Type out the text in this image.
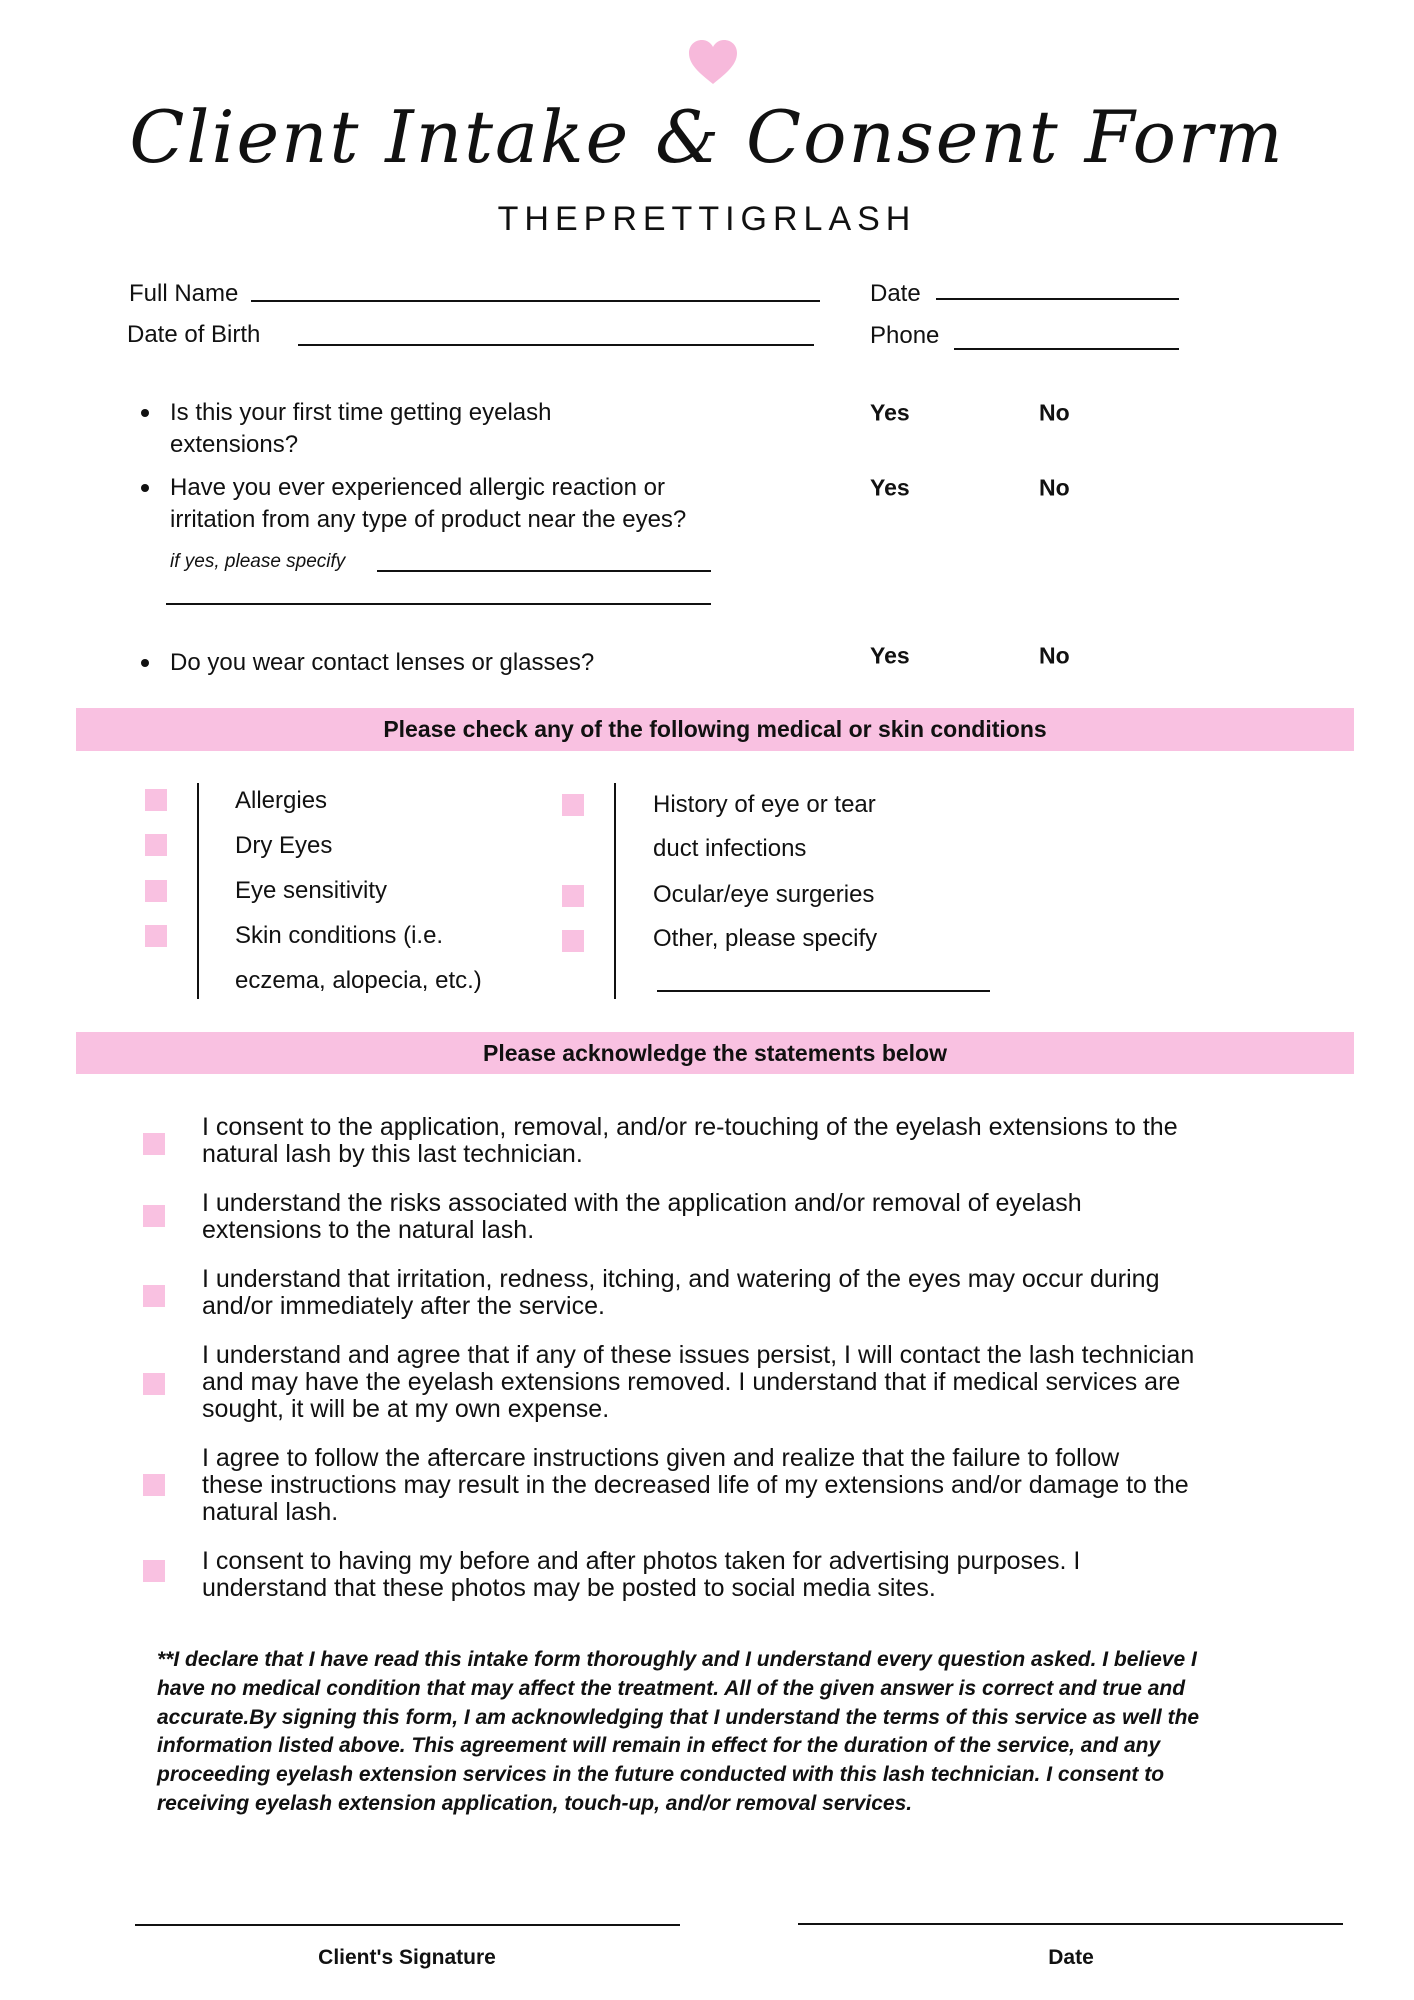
Client Intake & Consent Form
THEPRETTIGRLASH
Full Name	Date
Date of Birth	Phone
Is this your first time getting eyelash
extensions?
Yes	No
Have you ever experienced allergic reaction or
irritation from any type of product near the eyes?
Yes	No
if yes, please specify
Do you wear contact lenses or glasses?	Yes	No
Please check any of the following medical or skin conditions
Allergies
Dry Eyes
Eye sensitivity
Skin conditions (i.e.
eczema, alopecia, etc.)
History of eye or tear
duct infections
Ocular/eye surgeries
Other, please specify
Please acknowledge the statements below
I consent to the application, removal, and/or re-touching of the eyelash extensions to the
natural lash by this last technician.
I understand the risks associated with the application and/or removal of eyelash
extensions to the natural lash.
I understand that irritation, redness, itching, and watering of the eyes may occur during
and/or immediately after the service.
I understand and agree that if any of these issues persist, I will contact the lash technician
and may have the eyelash extensions removed. I understand that if medical services are
sought, it will be at my own expense.
I agree to follow the aftercare instructions given and realize that the failure to follow
these instructions may result in the decreased life of my extensions and/or damage to the
natural lash.
I consent to having my before and after photos taken for advertising purposes. I
understand that these photos may be posted to social media sites.
**I declare that I have read this intake form thoroughly and I understand every question asked. I believe I
have no medical condition that may affect the treatment. All of the given answer is correct and true and
accurate.By signing this form, I am acknowledging that I understand the terms of this service as well the
information listed above. This agreement will remain in effect for the duration of the service, and any
proceeding eyelash extension services in the future conducted with this lash technician. I consent to
receiving eyelash extension application, touch-up, and/or removal services.
Client's Signature	Date
